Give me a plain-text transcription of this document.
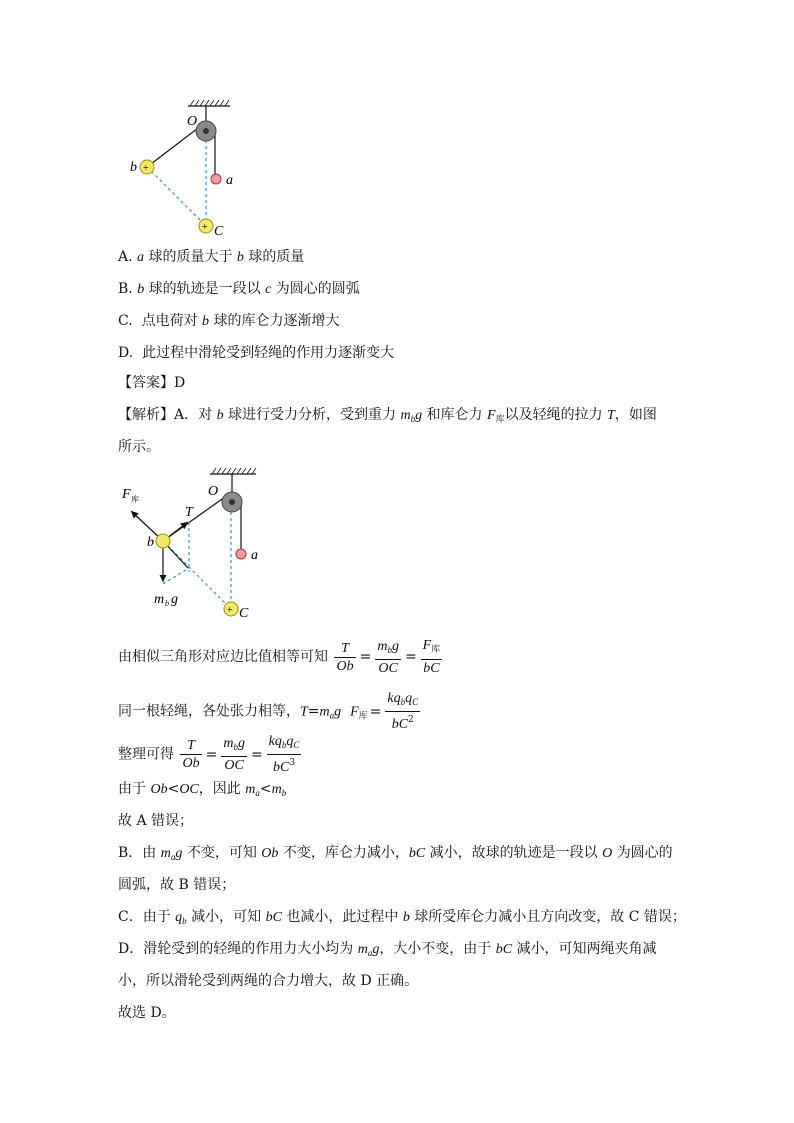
+
+
O
b
a
C
A. a 球的质量大于 b 球的质量
B. b 球的轨迹是一段以 c 为圆心的圆弧
C. 点电荷对 b 球的库仑力逐渐增大
D. 此过程中滑轮受到轻绳的作用力逐渐变大
【答案】D
【解析】A．对 b 球进行受力分析，受到重力 $m_bg$ 和库仑力 $F_库$以及轻绳的拉力 T，如图
所示。
+
F 库
T
O
b
a
m b g
C
由相似三角形对应边比值相等可知 $\frac{T}{Ob} = \frac{m_bg}{OC} = \frac{F_库}{bC}$
同一根轻绳，各处张力相等，$T=m_ag$ $F_库 = \frac{kq_bq_C}{bC^2}$
整理可得 $\frac{T}{Ob} = \frac{m_bg}{OC} = \frac{kq_bq_C}{bC^3}$
由于 Ob<OC，因此 $m_a<m_b$
故 A 错误；
B．由 $m_ag$ 不变，可知 Ob 不变，库仑力减小，bC 减小，故球的轨迹是一段以 O 为圆心的
圆弧，故 B 错误；
C．由于 $q_b$ 减小，可知 bC 也减小，此过程中 b 球所受库仑力减小且方向改变，故 C 错误；
D．滑轮受到的轻绳的作用力大小均为 $m_ag$，大小不变，由于 bC 减小，可知两绳夹角减
小，所以滑轮受到两绳的合力增大，故 D 正确。
故选 D。
